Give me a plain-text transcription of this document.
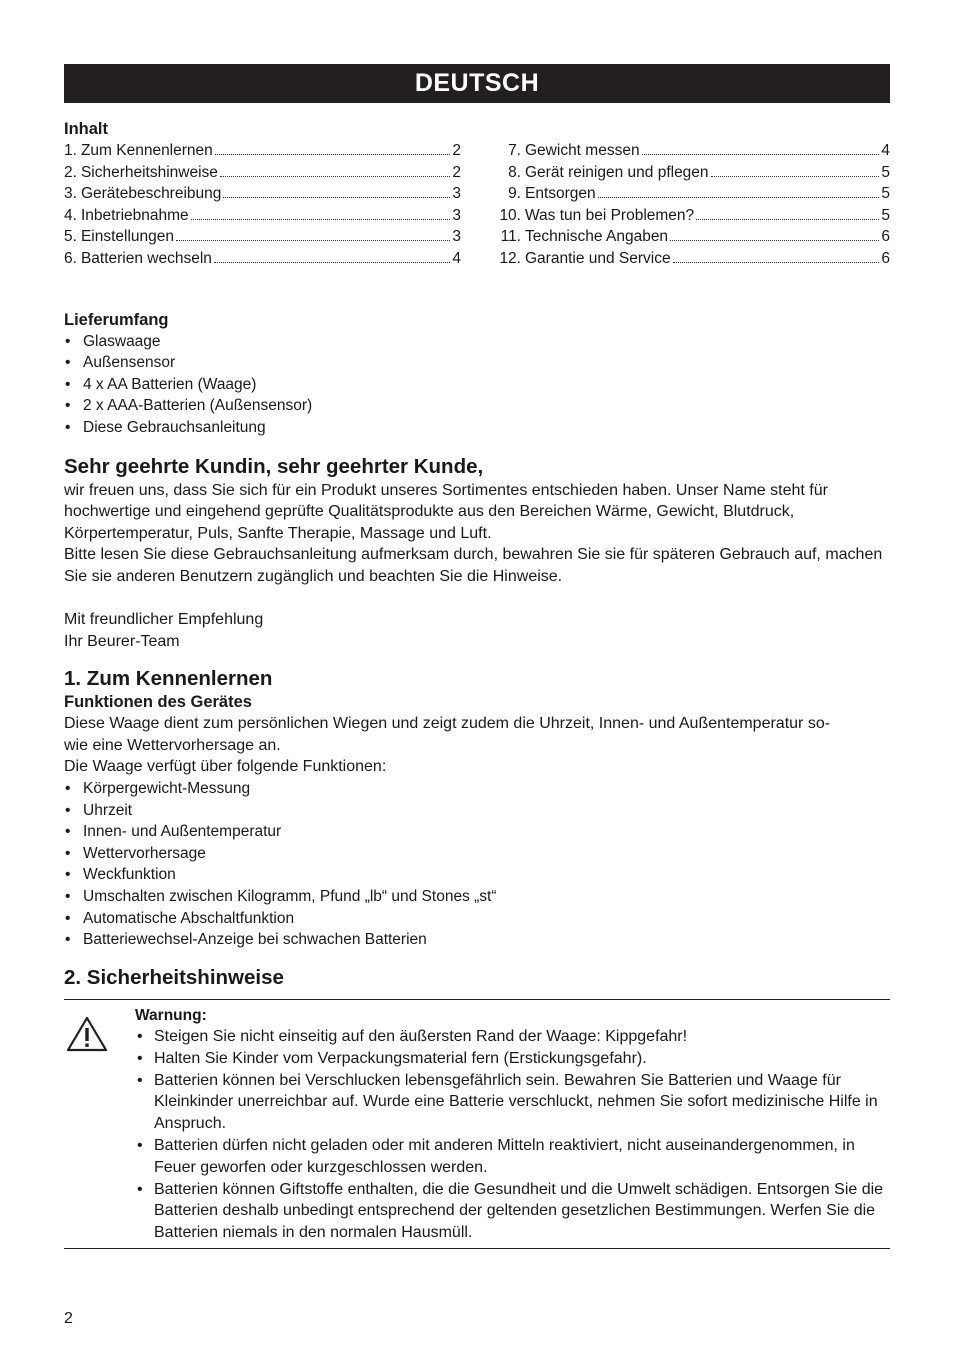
DEUTSCH
Inhalt
1. Zum Kennenlernen	2
2. Sicherheitshinweise	2
3. Gerätebeschreibung	3
4. Inbetriebnahme	3
5. Einstellungen	3
6. Batterien wechseln	4
7. Gewicht messen	4
8. Gerät reinigen und pflegen	5
9. Entsorgen	5
10. Was tun bei Problemen?	5
11. Technische Angaben	6
12. Garantie und Service	6
Lieferumfang
• Glaswaage
• Außensensor
• 4 x AA Batterien (Waage)
• 2 x AAA-Batterien (Außensensor)
• Diese Gebrauchsanleitung
Sehr geehrte Kundin, sehr geehrter Kunde,

wir freuen uns, dass Sie sich für ein Produkt unseres Sortimentes entschieden haben. Unser Name steht für hochwertige und eingehend geprüfte Qualitätsprodukte aus den Bereichen Wärme, Gewicht, Blutdruck, Körpertemperatur, Puls, Sanfte Therapie, Massage und Luft.

Bitte lesen Sie diese Gebrauchsanleitung aufmerksam durch, bewahren Sie sie für späteren Gebrauch auf, machen Sie sie anderen Benutzern zugänglich und beachten Sie die Hinweise.

Mit freundlicher Empfehlung

Ihr Beurer-Team

1. Zum Kennenlernen
Funktionen des Gerätes

Diese Waage dient zum persönlichen Wiegen und zeigt zudem die Uhrzeit, Innen- und Außentemperatur so-

wie eine Wettervorhersage an.

Die Waage verfügt über folgende Funktionen:

• Körpergewicht-Messung
• Uhrzeit
• Innen- und Außentemperatur
• Wettervorhersage
• Weckfunktion
• Umschalten zwischen Kilogramm, Pfund „lb“ und Stones „st“
• Automatische Abschaltfunktion
• Batteriewechsel-Anzeige bei schwachen Batterien
2. Sicherheitshinweise
Warnung:
• Steigen Sie nicht einseitig auf den äußersten Rand der Waage: Kippgefahr!
• Halten Sie Kinder vom Verpackungsmaterial fern (Erstickungsgefahr).
• Batterien können bei Verschlucken lebensgefährlich sein. Bewahren Sie Batterien und Waage für Kleinkinder unerreichbar auf. Wurde eine Batterie verschluckt, nehmen Sie sofort medizinische Hilfe in Anspruch.
• Batterien dürfen nicht geladen oder mit anderen Mitteln reaktiviert, nicht auseinandergenommen, in Feuer geworfen oder kurzgeschlossen werden.
• Batterien können Giftstoffe enthalten, die die Gesundheit und die Umwelt schädigen. Entsorgen Sie die Batterien deshalb unbedingt entsprechend der geltenden gesetzlichen Bestimmungen. Werfen Sie die Batterien niemals in den normalen Hausmüll.
2
